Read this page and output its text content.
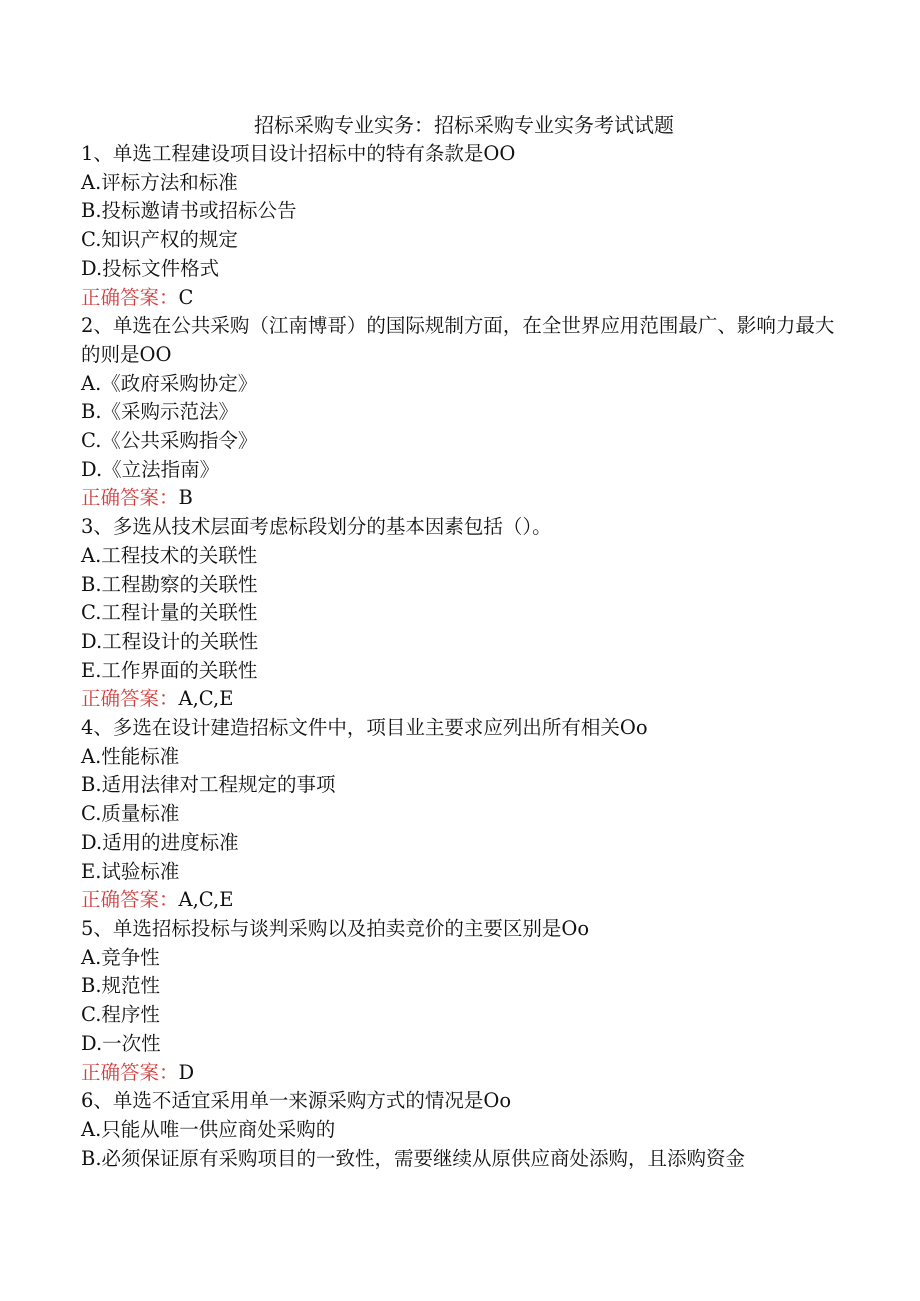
招标采购专业实务：招标采购专业实务考试试题
1、单选工程建设项目设计招标中的特有条款是OO
A.评标方法和标准
B.投标邀请书或招标公告
C.知识产权的规定
D.投标文件格式
正确答案：C
2、单选在公共采购（江南博哥）的国际规制方面，在全世界应用范围最广、影响力最大的则是OO
A.《政府采购协定》
B.《采购示范法》
C.《公共采购指令》
D.《立法指南》
正确答案：B
3、多选从技术层面考虑标段划分的基本因素包括（）。
A.工程技术的关联性
B.工程勘察的关联性
C.工程计量的关联性
D.工程设计的关联性
E.工作界面的关联性
正确答案：A,C,E
4、多选在设计建造招标文件中，项目业主要求应列出所有相关Oo
A.性能标准
B.适用法律对工程规定的事项
C.质量标准
D.适用的进度标准
E.试验标准
正确答案：A,C,E
5、单选招标投标与谈判采购以及拍卖竞价的主要区别是Oo
A.竞争性
B.规范性
C.程序性
D.一次性
正确答案：D
6、单选不适宜采用单一来源采购方式的情况是Oo
A.只能从唯一供应商处采购的
B.必须保证原有采购项目的一致性，需要继续从原供应商处添购，且添购资金
